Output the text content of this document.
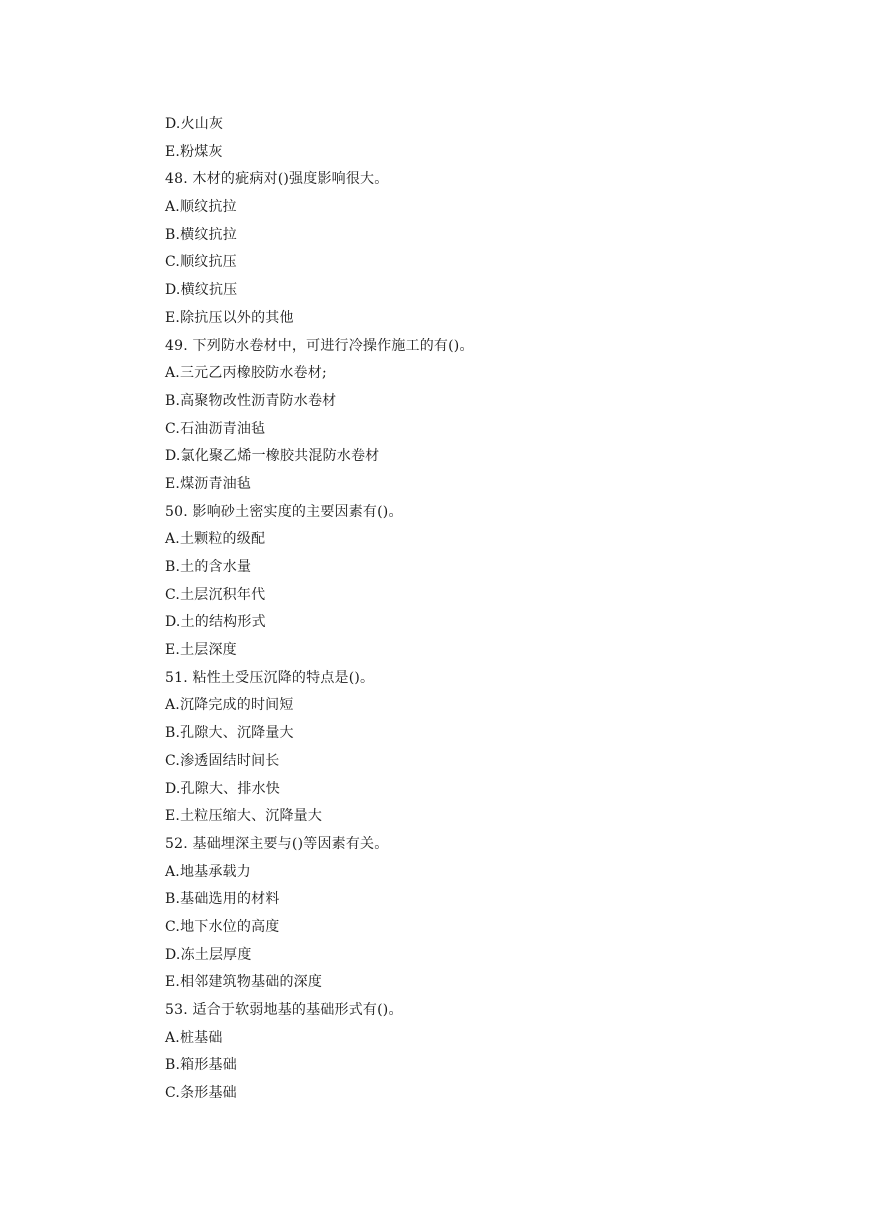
D.火山灰
E.粉煤灰
48. 木材的疵病对()强度影响很大。
A.顺纹抗拉
B.横纹抗拉
C.顺纹抗压
D.横纹抗压
E.除抗压以外的其他
49. 下列防水卷材中，可进行冷操作施工的有()。
A.三元乙丙橡胶防水卷材;
B.高聚物改性沥青防水卷材
C.石油沥青油毡
D.氯化聚乙烯一橡胶共混防水卷材
E.煤沥青油毡
50. 影响砂土密实度的主要因素有()。
A.土颗粒的级配
B.土的含水量
C.土层沉积年代
D.土的结构形式
E.土层深度
51. 粘性土受压沉降的特点是()。
A.沉降完成的时间短
B.孔隙大、沉降量大
C.渗透固结时间长
D.孔隙大、排水快
E.土粒压缩大、沉降量大
52. 基础埋深主要与()等因素有关。
A.地基承载力
B.基础选用的材料
C.地下水位的高度
D.冻土层厚度
E.相邻建筑物基础的深度
53. 适合于软弱地基的基础形式有()。
A.桩基础
B.箱形基础
C.条形基础
